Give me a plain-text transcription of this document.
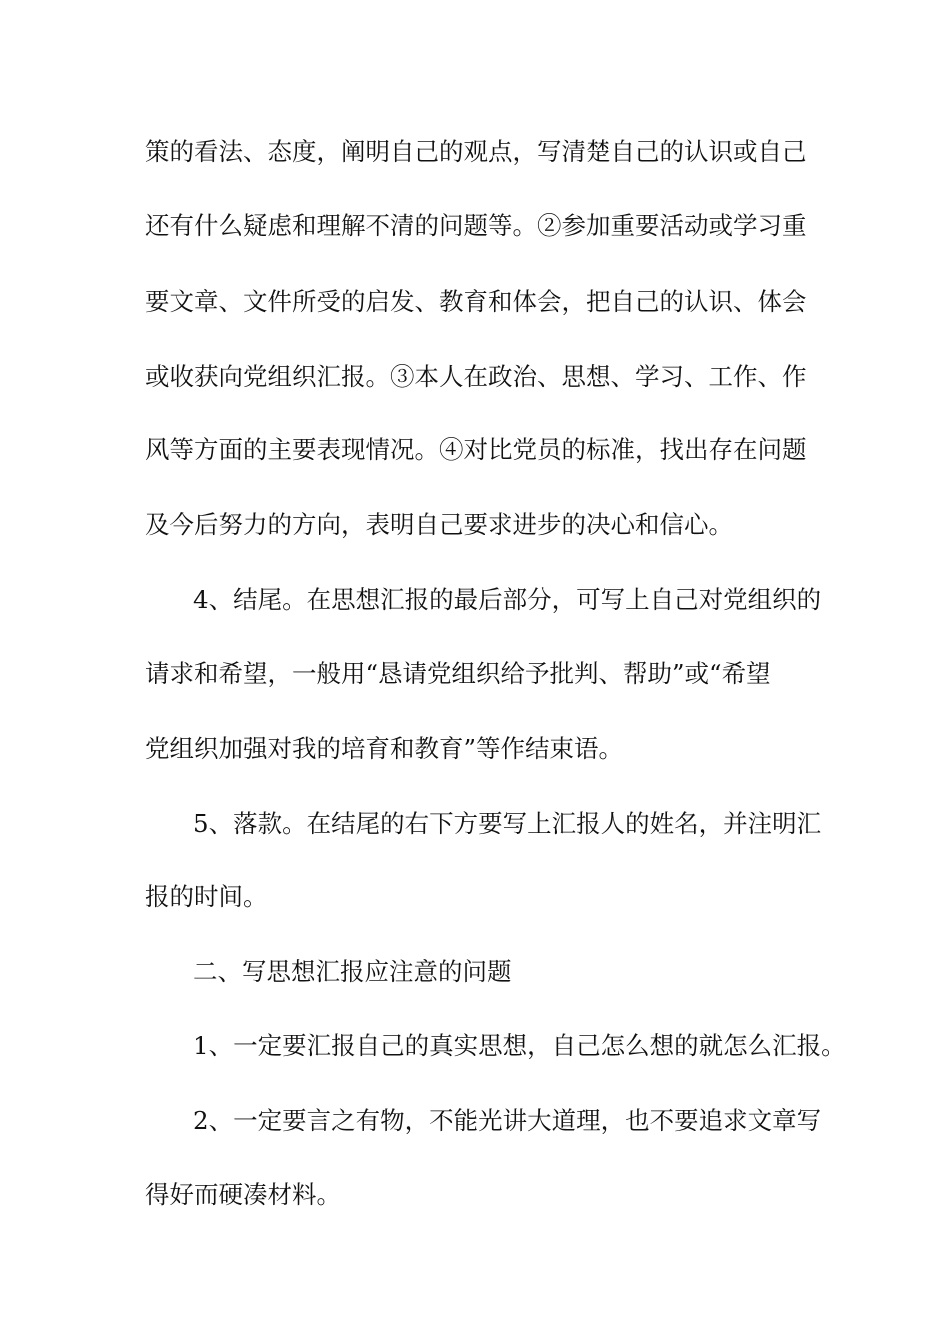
策的看法、态度，阐明自己的观点，写清楚自己的认识或自己
还有什么疑虑和理解不清的问题等。②参加重要活动或学习重
要文章、文件所受的启发、教育和体会，把自己的认识、体会
或收获向党组织汇报。③本人在政治、思想、学习、工作、作
风等方面的主要表现情况。④对比党员的标准，找出存在问题
及今后努力的方向，表明自己要求进步的决心和信心。
4、结尾。在思想汇报的最后部分，可写上自己对党组织的
请求和希望，一般用“恳请党组织给予批判、帮助”或“希望
党组织加强对我的培育和教育”等作结束语。
5、落款。在结尾的右下方要写上汇报人的姓名，并注明汇
报的时间。
二、写思想汇报应注意的问题
1、一定要汇报自己的真实思想，自己怎么想的就怎么汇报。
2、一定要言之有物，不能光讲大道理，也不要追求文章写
得好而硬凑材料。
